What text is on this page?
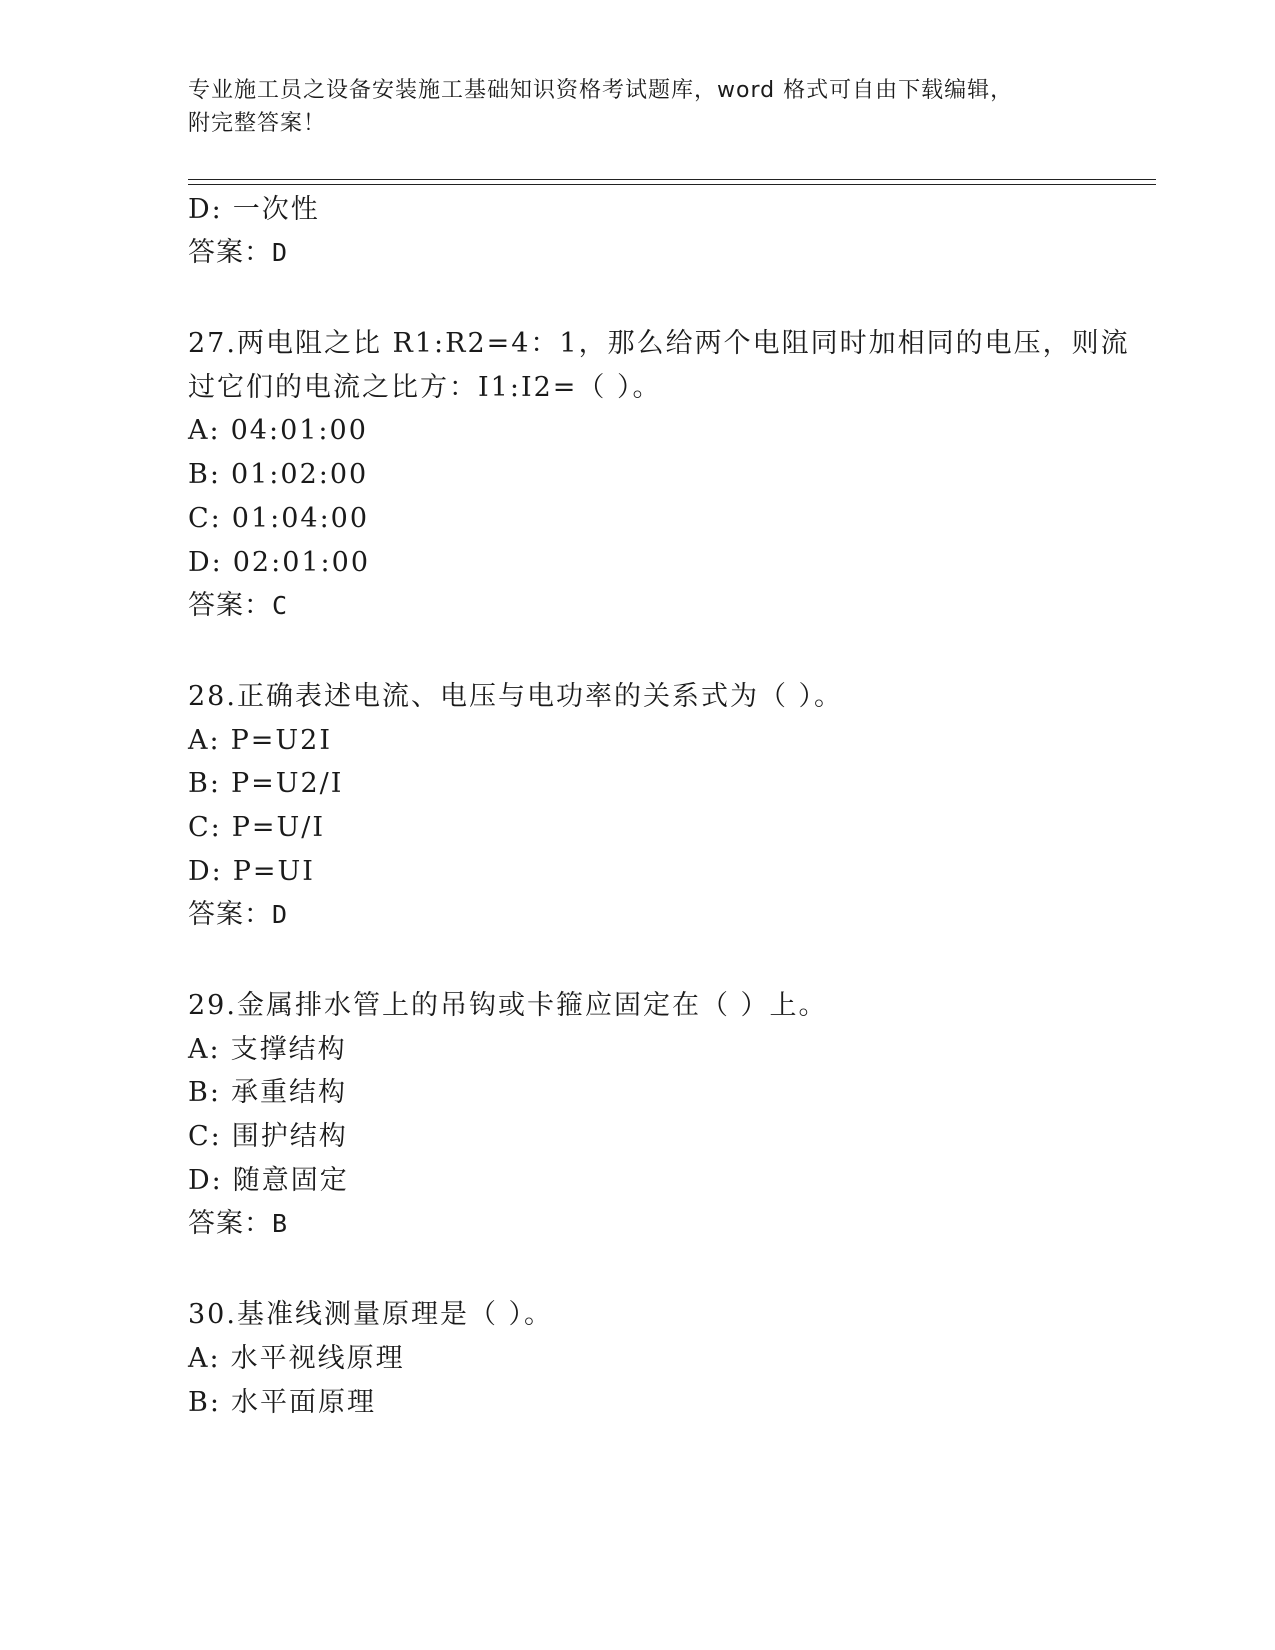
专业施工员之设备安装施工基础知识资格考试题库，word 格式可自由下载编辑，
附完整答案！
D: 一次性
答案：D
27.两电阻之比 R1:R2=4：1，那么给两个电阻同时加相同的电压，则流
过它们的电流之比方：I1:I2=（ ）。
A: 04:01:00
B: 01:02:00
C: 01:04:00
D: 02:01:00
答案：C
28.正确表述电流、电压与电功率的关系式为（ ）。
A: P=U2I
B: P=U2/I
C: P=U/I
D: P=UI
答案：D
29.金属排水管上的吊钩或卡箍应固定在（ ）上。
A: 支撑结构
B: 承重结构
C: 围护结构
D: 随意固定
答案：B
30.基准线测量原理是（ ）。
A: 水平视线原理
B: 水平面原理
